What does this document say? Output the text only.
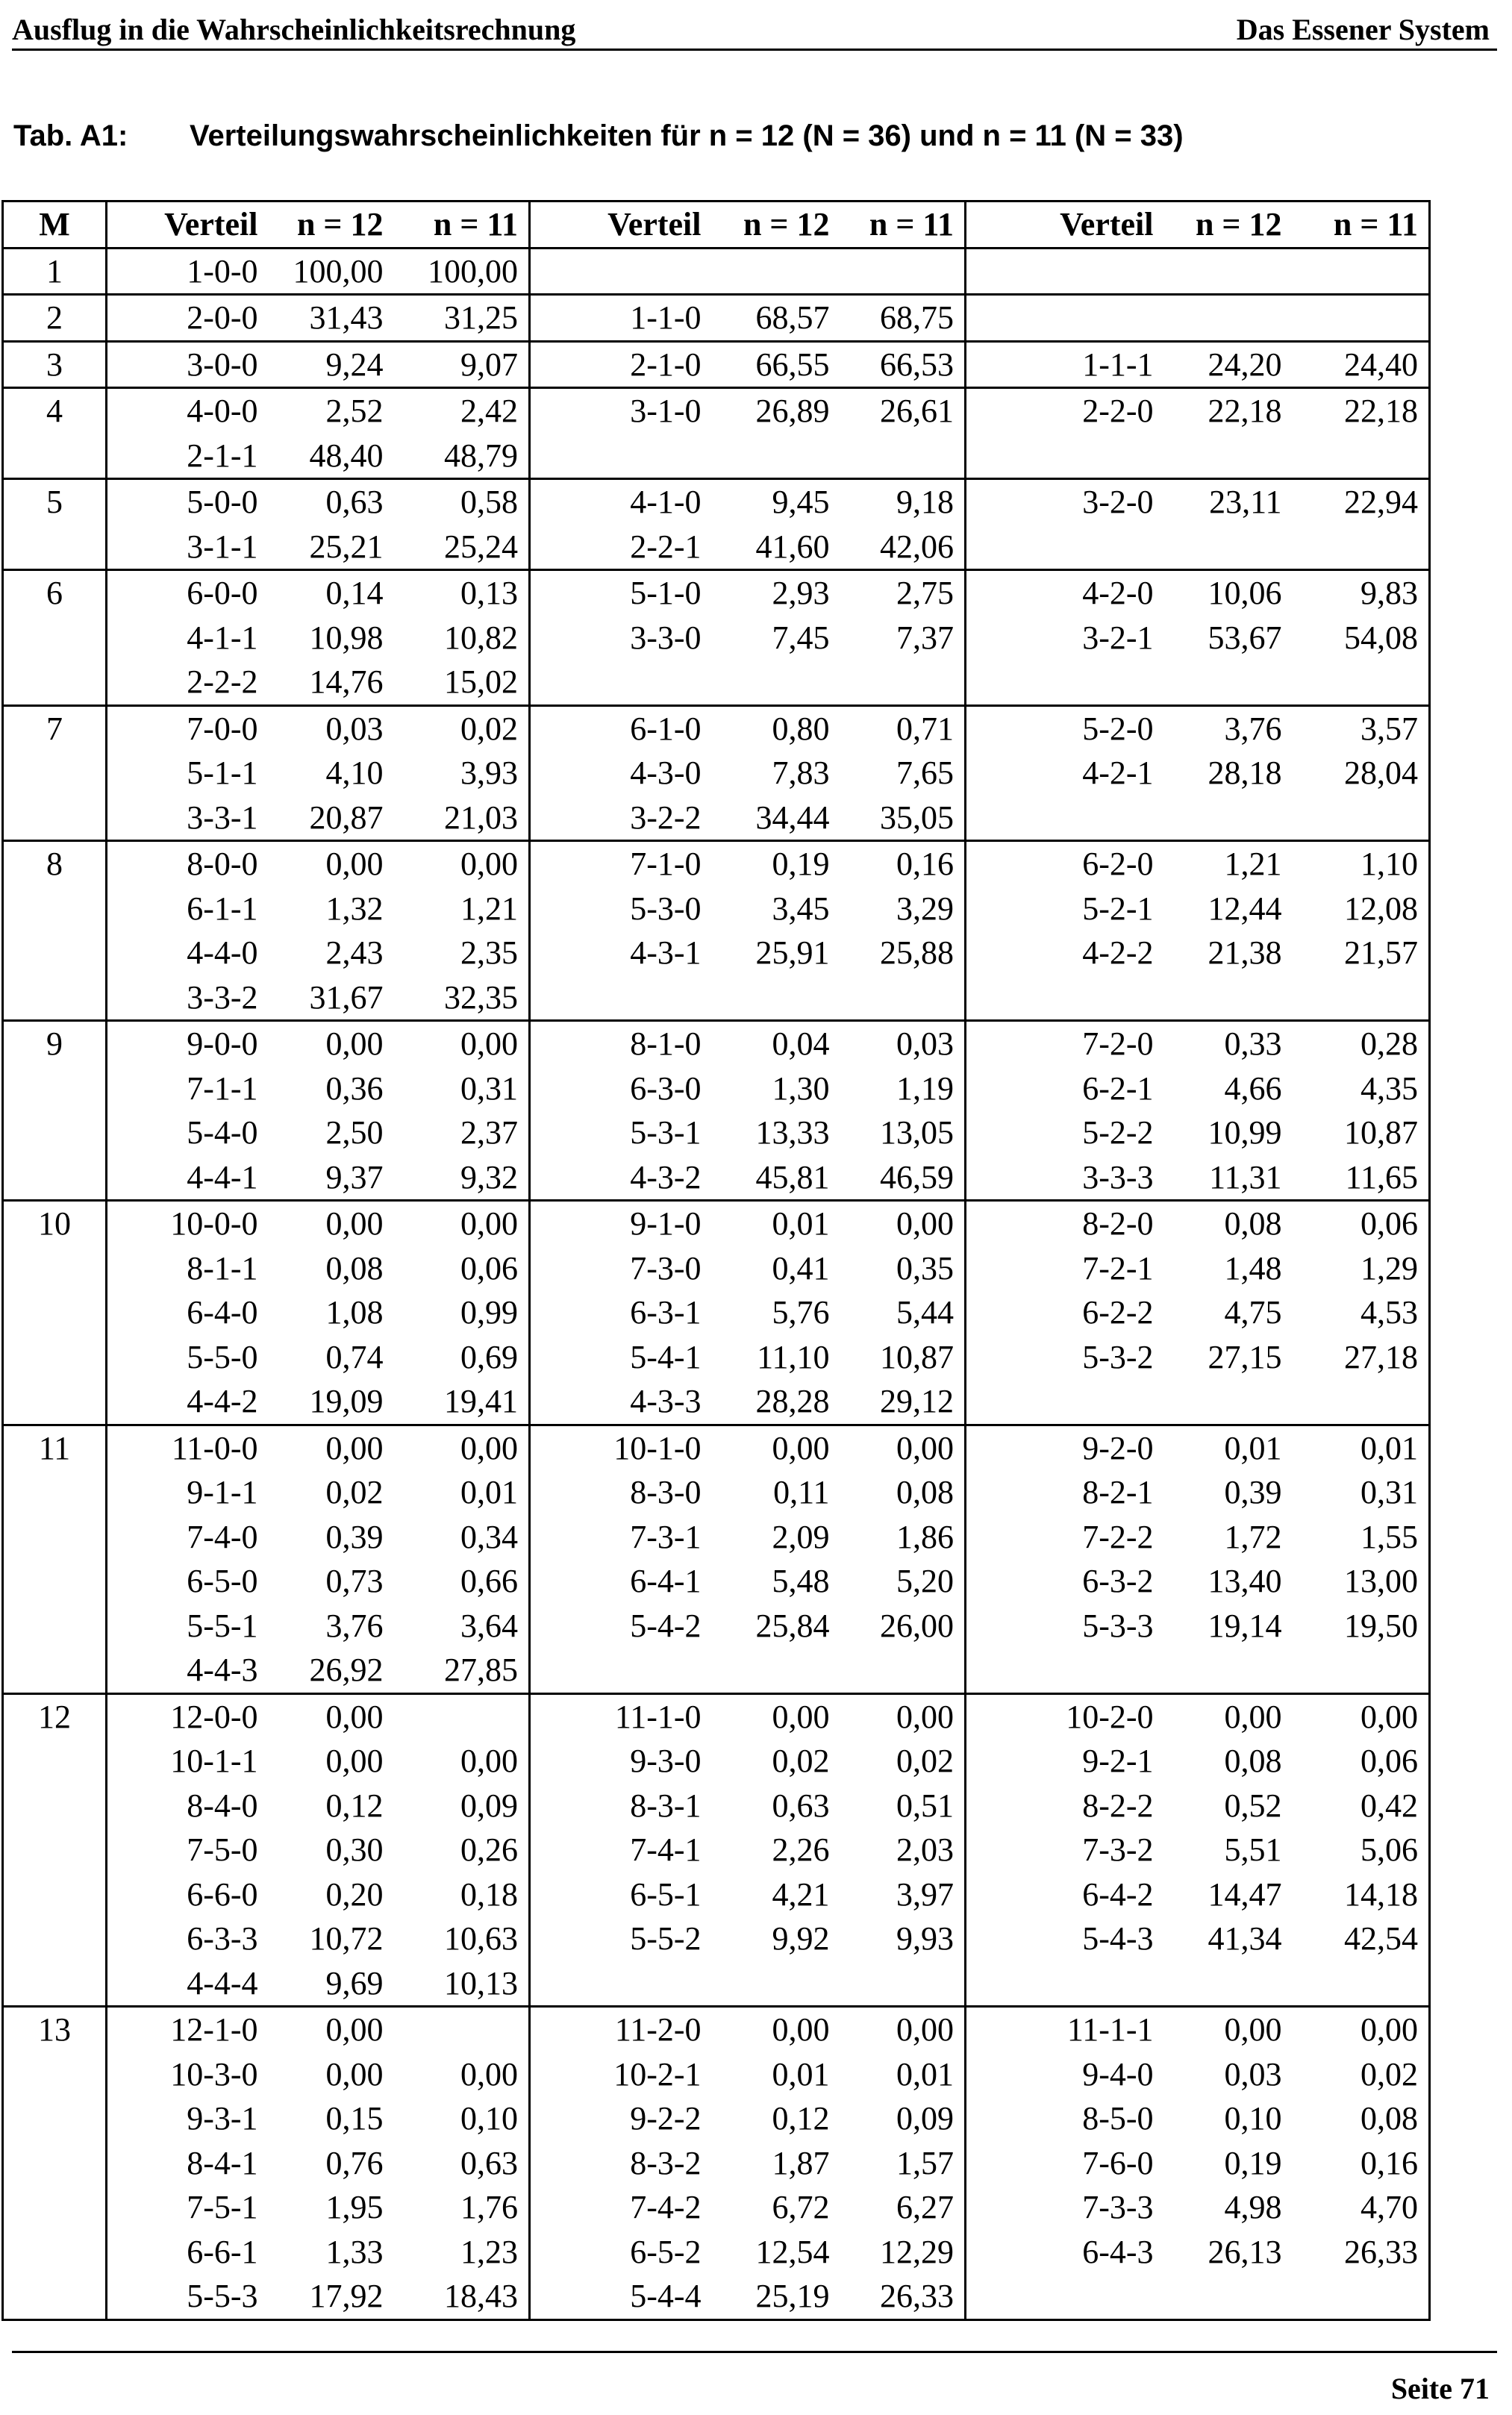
Ausflug in die Wahrscheinlichkeitsrechnung	Das Essener System
Tab. A1: Verteilungswahrscheinlichkeiten für n = 12 (N = 36) und n = 11 (N = 33)
M	Verteil	n = 12	n = 11	Verteil	n = 12	n = 11	Verteil	n = 12	n = 11
1	1-0-0	100,00	100,00						
2	2-0-0	31,43	31,25	1-1-0	68,57	68,75			
3	3-0-0	9,24	9,07	2-1-0	66,55	66,53	1-1-1	24,20	24,40
4	4-0-0	2,52	2,42	3-1-0	26,89	26,61	2-2-0	22,18	22,18
	2-1-1	48,40	48,79						
5	5-0-0	0,63	0,58	4-1-0	9,45	9,18	3-2-0	23,11	22,94
	3-1-1	25,21	25,24	2-2-1	41,60	42,06			
6	6-0-0	0,14	0,13	5-1-0	2,93	2,75	4-2-0	10,06	9,83
	4-1-1	10,98	10,82	3-3-0	7,45	7,37	3-2-1	53,67	54,08
	2-2-2	14,76	15,02						
7	7-0-0	0,03	0,02	6-1-0	0,80	0,71	5-2-0	3,76	3,57
	5-1-1	4,10	3,93	4-3-0	7,83	7,65	4-2-1	28,18	28,04
	3-3-1	20,87	21,03	3-2-2	34,44	35,05			
8	8-0-0	0,00	0,00	7-1-0	0,19	0,16	6-2-0	1,21	1,10
	6-1-1	1,32	1,21	5-3-0	3,45	3,29	5-2-1	12,44	12,08
	4-4-0	2,43	2,35	4-3-1	25,91	25,88	4-2-2	21,38	21,57
	3-3-2	31,67	32,35						
9	9-0-0	0,00	0,00	8-1-0	0,04	0,03	7-2-0	0,33	0,28
	7-1-1	0,36	0,31	6-3-0	1,30	1,19	6-2-1	4,66	4,35
	5-4-0	2,50	2,37	5-3-1	13,33	13,05	5-2-2	10,99	10,87
	4-4-1	9,37	9,32	4-3-2	45,81	46,59	3-3-3	11,31	11,65
10	10-0-0	0,00	0,00	9-1-0	0,01	0,00	8-2-0	0,08	0,06
	8-1-1	0,08	0,06	7-3-0	0,41	0,35	7-2-1	1,48	1,29
	6-4-0	1,08	0,99	6-3-1	5,76	5,44	6-2-2	4,75	4,53
	5-5-0	0,74	0,69	5-4-1	11,10	10,87	5-3-2	27,15	27,18
	4-4-2	19,09	19,41	4-3-3	28,28	29,12			
11	11-0-0	0,00	0,00	10-1-0	0,00	0,00	9-2-0	0,01	0,01
	9-1-1	0,02	0,01	8-3-0	0,11	0,08	8-2-1	0,39	0,31
	7-4-0	0,39	0,34	7-3-1	2,09	1,86	7-2-2	1,72	1,55
	6-5-0	0,73	0,66	6-4-1	5,48	5,20	6-3-2	13,40	13,00
	5-5-1	3,76	3,64	5-4-2	25,84	26,00	5-3-3	19,14	19,50
	4-4-3	26,92	27,85						
12	12-0-0	0,00		11-1-0	0,00	0,00	10-2-0	0,00	0,00
	10-1-1	0,00	0,00	9-3-0	0,02	0,02	9-2-1	0,08	0,06
	8-4-0	0,12	0,09	8-3-1	0,63	0,51	8-2-2	0,52	0,42
	7-5-0	0,30	0,26	7-4-1	2,26	2,03	7-3-2	5,51	5,06
	6-6-0	0,20	0,18	6-5-1	4,21	3,97	6-4-2	14,47	14,18
	6-3-3	10,72	10,63	5-5-2	9,92	9,93	5-4-3	41,34	42,54
	4-4-4	9,69	10,13						
13	12-1-0	0,00		11-2-0	0,00	0,00	11-1-1	0,00	0,00
	10-3-0	0,00	0,00	10-2-1	0,01	0,01	9-4-0	0,03	0,02
	9-3-1	0,15	0,10	9-2-2	0,12	0,09	8-5-0	0,10	0,08
	8-4-1	0,76	0,63	8-3-2	1,87	1,57	7-6-0	0,19	0,16
	7-5-1	1,95	1,76	7-4-2	6,72	6,27	7-3-3	4,98	4,70
	6-6-1	1,33	1,23	6-5-2	12,54	12,29	6-4-3	26,13	26,33
	5-5-3	17,92	18,43	5-4-4	25,19	26,33			
Seite 71
